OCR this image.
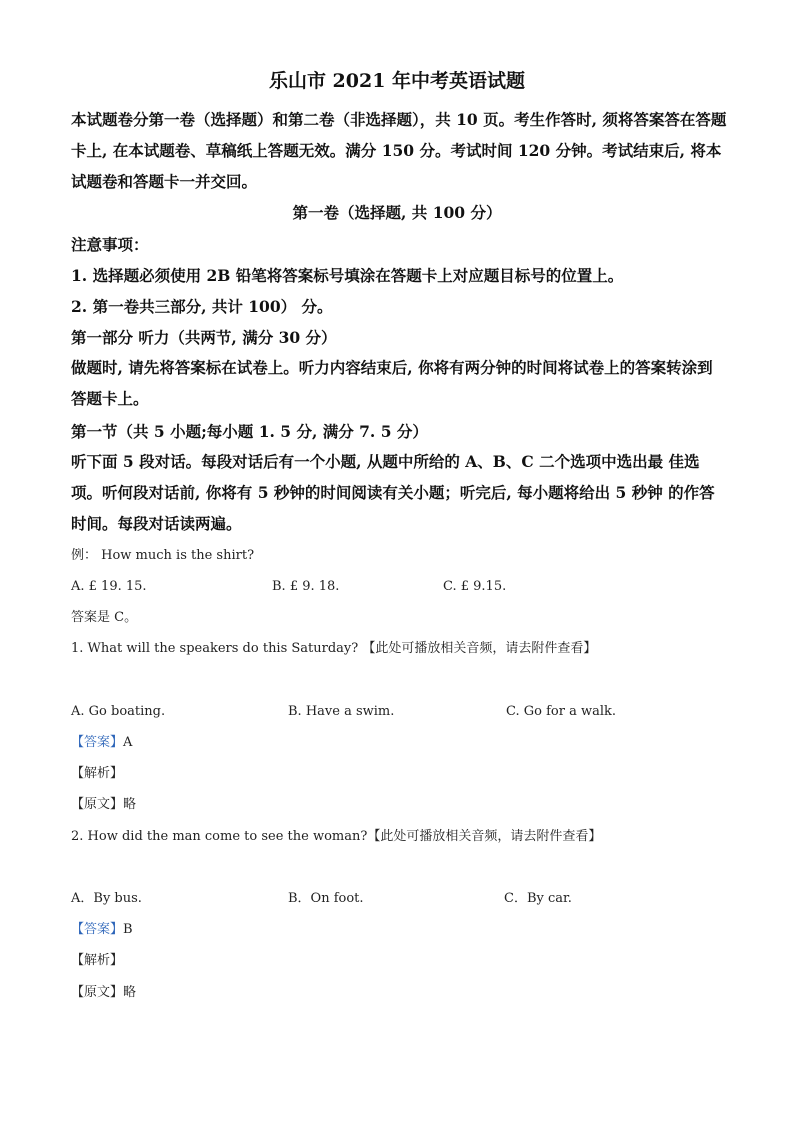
乐山市 2021 年中考英语试题
本试题卷分第一卷（选择题）和第二卷（非选择题），共 10 页。考生作答时, 须将答案答在答题卡上, 在本试题卷、草稿纸上答题无效。满分 150 分。考试时间 120 分钟。考试结束后, 将本试题卷和答题卡一并交回。
第一卷（选择题, 共 100 分）
注意事项：
1. 选择题必须使用 2B 铅笔将答案标号填涂在答题卡上对应题目标号的位置上。
2. 第一卷共三部分, 共计 100） 分。
第一部分 听力（共两节, 满分 30 分）
做题时, 请先将答案标在试卷上。听力内容结束后, 你将有两分钟的时间将试卷上的答案转涂到答题卡上。
第一节（共 5 小题;每小题 1. 5 分, 满分 7. 5 分）
听下面 5 段对话。每段对话后有一个小题, 从题中所给的 A、B、C 二个选项中选出最 佳选项。听何段对话前, 你将有 5 秒钟的时间阅读有关小题；听完后, 每小题将给出 5 秒钟 的作答时间。每段对话读两遍。
例： How much is the shirt?
A. £ 19. 15.	B. £ 9. 18.	C. £ 9.15.
答案是 C。
1. What will the speakers do this Saturday? 【此处可播放相关音频，请去附件查看】
A. Go boating.	B. Have a swim.	C. Go for a walk.
【答案】A
【解析】
【原文】略
2. How did the man come to see the woman?【此处可播放相关音频，请去附件查看】
A．By bus.	B．On foot.	C．By car.
【答案】B
【解析】
【原文】略
